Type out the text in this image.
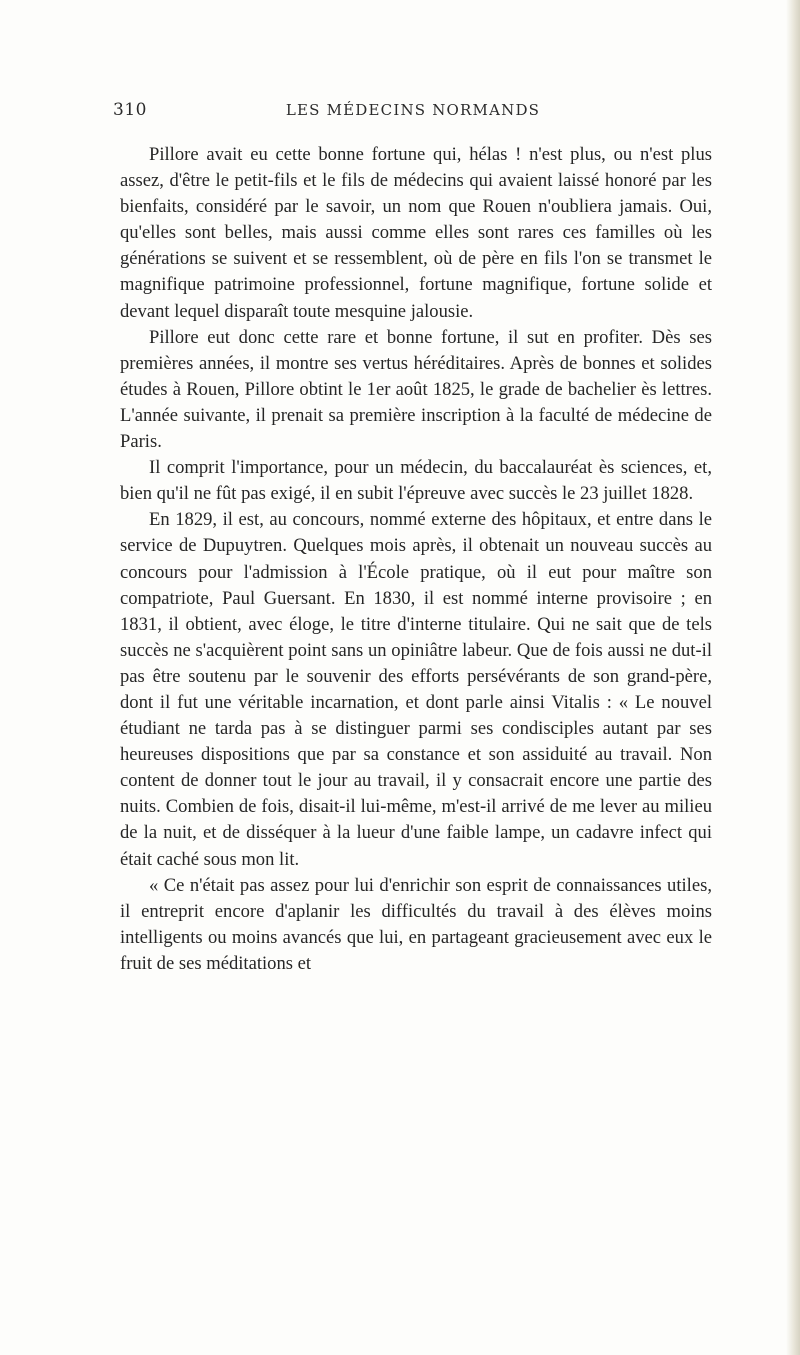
310	LES MÉDECINS NORMANDS

Pillore avait eu cette bonne fortune qui, hélas ! n'est plus, ou n'est plus assez, d'être le petit-fils et le fils de médecins qui avaient laissé honoré par les bienfaits, considéré par le savoir, un nom que Rouen n'oubliera jamais. Oui, qu'elles sont belles, mais aussi comme elles sont rares ces familles où les générations se suivent et se ressemblent, où de père en fils l'on se transmet le magnifique patrimoine professionnel, fortune magnifique, fortune solide et devant lequel disparaît toute mesquine jalousie.

Pillore eut donc cette rare et bonne fortune, il sut en profiter. Dès ses premières années, il montre ses vertus héréditaires. Après de bonnes et solides études à Rouen, Pillore obtint le 1er août 1825, le grade de bachelier ès lettres. L'année suivante, il prenait sa première inscription à la faculté de médecine de Paris.

Il comprit l'importance, pour un médecin, du baccalauréat ès sciences, et, bien qu'il ne fût pas exigé, il en subit l'épreuve avec succès le 23 juillet 1828.

En 1829, il est, au concours, nommé externe des hôpitaux, et entre dans le service de Dupuytren. Quelques mois après, il obtenait un nouveau succès au concours pour l'admission à l'École pratique, où il eut pour maître son compatriote, Paul Guersant. En 1830, il est nommé interne provisoire ; en 1831, il obtient, avec éloge, le titre d'interne titulaire. Qui ne sait que de tels succès ne s'acquièrent point sans un opiniâtre labeur. Que de fois aussi ne dut-il pas être soutenu par le souvenir des efforts persévérants de son grand-père, dont il fut une véritable incarnation, et dont parle ainsi Vitalis : « Le nouvel étudiant ne tarda pas à se distinguer parmi ses condisciples autant par ses heureuses dispositions que par sa constance et son assiduité au travail. Non content de donner tout le jour au travail, il y consacrait encore une partie des nuits. Combien de fois, disait-il lui-même, m'est-il arrivé de me lever au milieu de la nuit, et de disséquer à la lueur d'une faible lampe, un cadavre infect qui était caché sous mon lit.

« Ce n'était pas assez pour lui d'enrichir son esprit de connaissances utiles, il entreprit encore d'aplanir les difficultés du travail à des élèves moins intelligents ou moins avancés que lui, en partageant gracieusement avec eux le fruit de ses méditations et
